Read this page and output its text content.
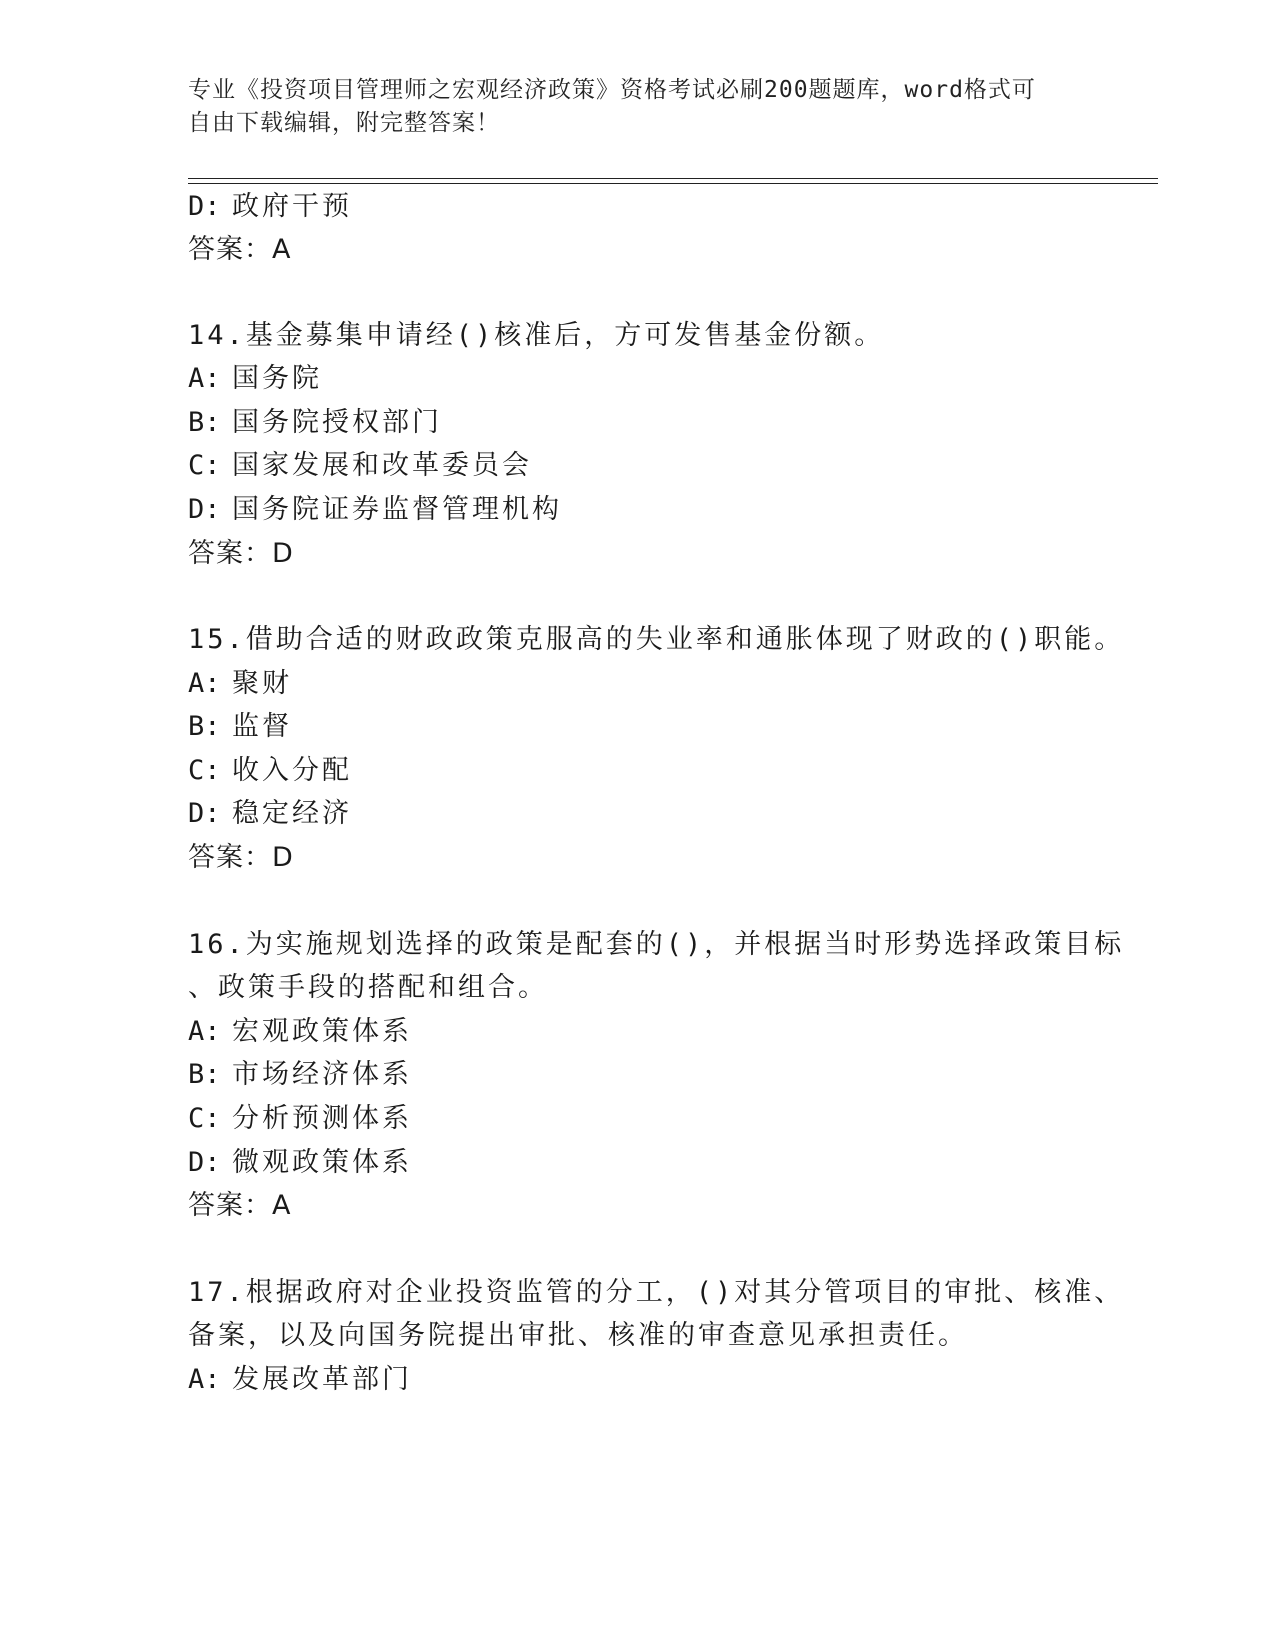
专业《投资项目管理师之宏观经济政策》资格考试必刷200题题库，word格式可
自由下载编辑，附完整答案！
D: 政府干预
答案：A
14.基金募集申请经()核准后，方可发售基金份额。
A: 国务院
B: 国务院授权部门
C: 国家发展和改革委员会
D: 国务院证券监督管理机构
答案：D
15.借助合适的财政政策克服高的失业率和通胀体现了财政的()职能。
A: 聚财
B: 监督
C: 收入分配
D: 稳定经济
答案：D
16.为实施规划选择的政策是配套的()，并根据当时形势选择政策目标
、政策手段的搭配和组合。
A: 宏观政策体系
B: 市场经济体系
C: 分析预测体系
D: 微观政策体系
答案：A
17.根据政府对企业投资监管的分工，()对其分管项目的审批、核准、
备案，以及向国务院提出审批、核准的审查意见承担责任。
A: 发展改革部门
